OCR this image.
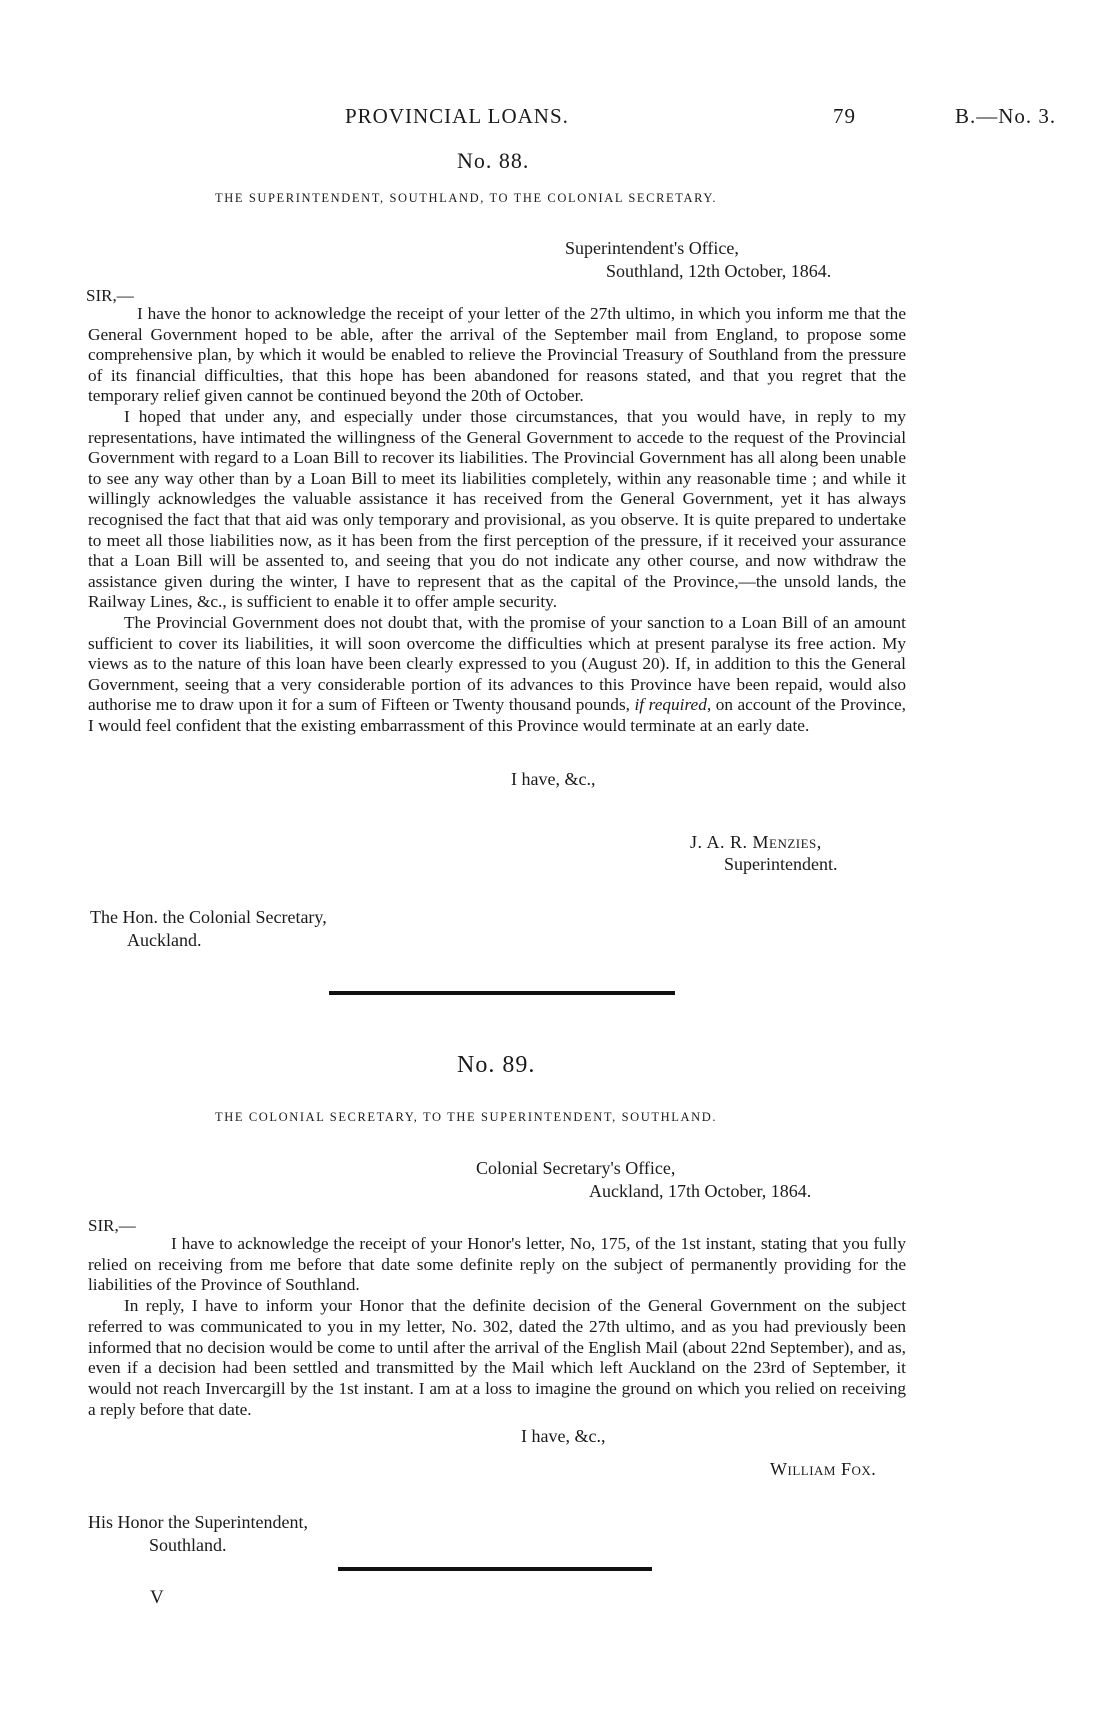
PROVINCIAL LOANS.	79	B.—No. 3.
No. 88.
THE SUPERINTENDENT, SOUTHLAND, TO THE COLONIAL SECRETARY.
Superintendent's Office,
Southland, 12th October, 1864.
SIR,—

I have the honor to acknowledge the receipt of your letter of the 27th ultimo, in which you inform me that the General Government hoped to be able, after the arrival of the September mail from England, to propose some comprehensive plan, by which it would be enabled to relieve the Provincial Treasury of Southland from the pressure of its financial difficulties, that this hope has been abandoned for reasons stated, and that you regret that the temporary relief given cannot be continued beyond the 20th of October.

I hoped that under any, and especially under those circumstances, that you would have, in reply to my representations, have intimated the willingness of the General Government to accede to the request of the Provincial Government with regard to a Loan Bill to recover its liabilities. The Provincial Government has all along been unable to see any way other than by a Loan Bill to meet its liabilities completely, within any reasonable time ; and while it willingly acknowledges the valuable assistance it has received from the General Government, yet it has always recognised the fact that that aid was only temporary and provisional, as you observe. It is quite prepared to undertake to meet all those liabilities now, as it has been from the first perception of the pressure, if it received your assurance that a Loan Bill will be assented to, and seeing that you do not indicate any other course, and now withdraw the assistance given during the winter, I have to represent that as the capital of the Province,—the unsold lands, the Railway Lines, &c., is sufficient to enable it to offer ample security.

The Provincial Government does not doubt that, with the promise of your sanction to a Loan Bill of an amount sufficient to cover its liabilities, it will soon overcome the difficulties which at present paralyse its free action. My views as to the nature of this loan have been clearly expressed to you (August 20). If, in addition to this the General Government, seeing that a very considerable portion of its advances to this Province have been repaid, would also authorise me to draw upon it for a sum of Fifteen or Twenty thousand pounds, if required, on account of the Province, I would feel confident that the existing embarrassment of this Province would terminate at an early date.

I have, &c.,
J. A. R. Menzies,
Superintendent.
The Hon. the Colonial Secretary,
Auckland.
No. 89.
THE COLONIAL SECRETARY, TO THE SUPERINTENDENT, SOUTHLAND.
Colonial Secretary's Office,
Auckland, 17th October, 1864.
SIR,—

I have to acknowledge the receipt of your Honor's letter, No, 175, of the 1st instant, stating that you fully relied on receiving from me before that date some definite reply on the subject of permanently providing for the liabilities of the Province of Southland.

In reply, I have to inform your Honor that the definite decision of the General Government on the subject referred to was communicated to you in my letter, No. 302, dated the 27th ultimo, and as you had previously been informed that no decision would be come to until after the arrival of the English Mail (about 22nd September), and as, even if a decision had been settled and transmitted by the Mail which left Auckland on the 23rd of September, it would not reach Invercargill by the 1st instant. I am at a loss to imagine the ground on which you relied on receiving a reply before that date.

I have, &c.,
William Fox.
His Honor the Superintendent,
Southland.
V
